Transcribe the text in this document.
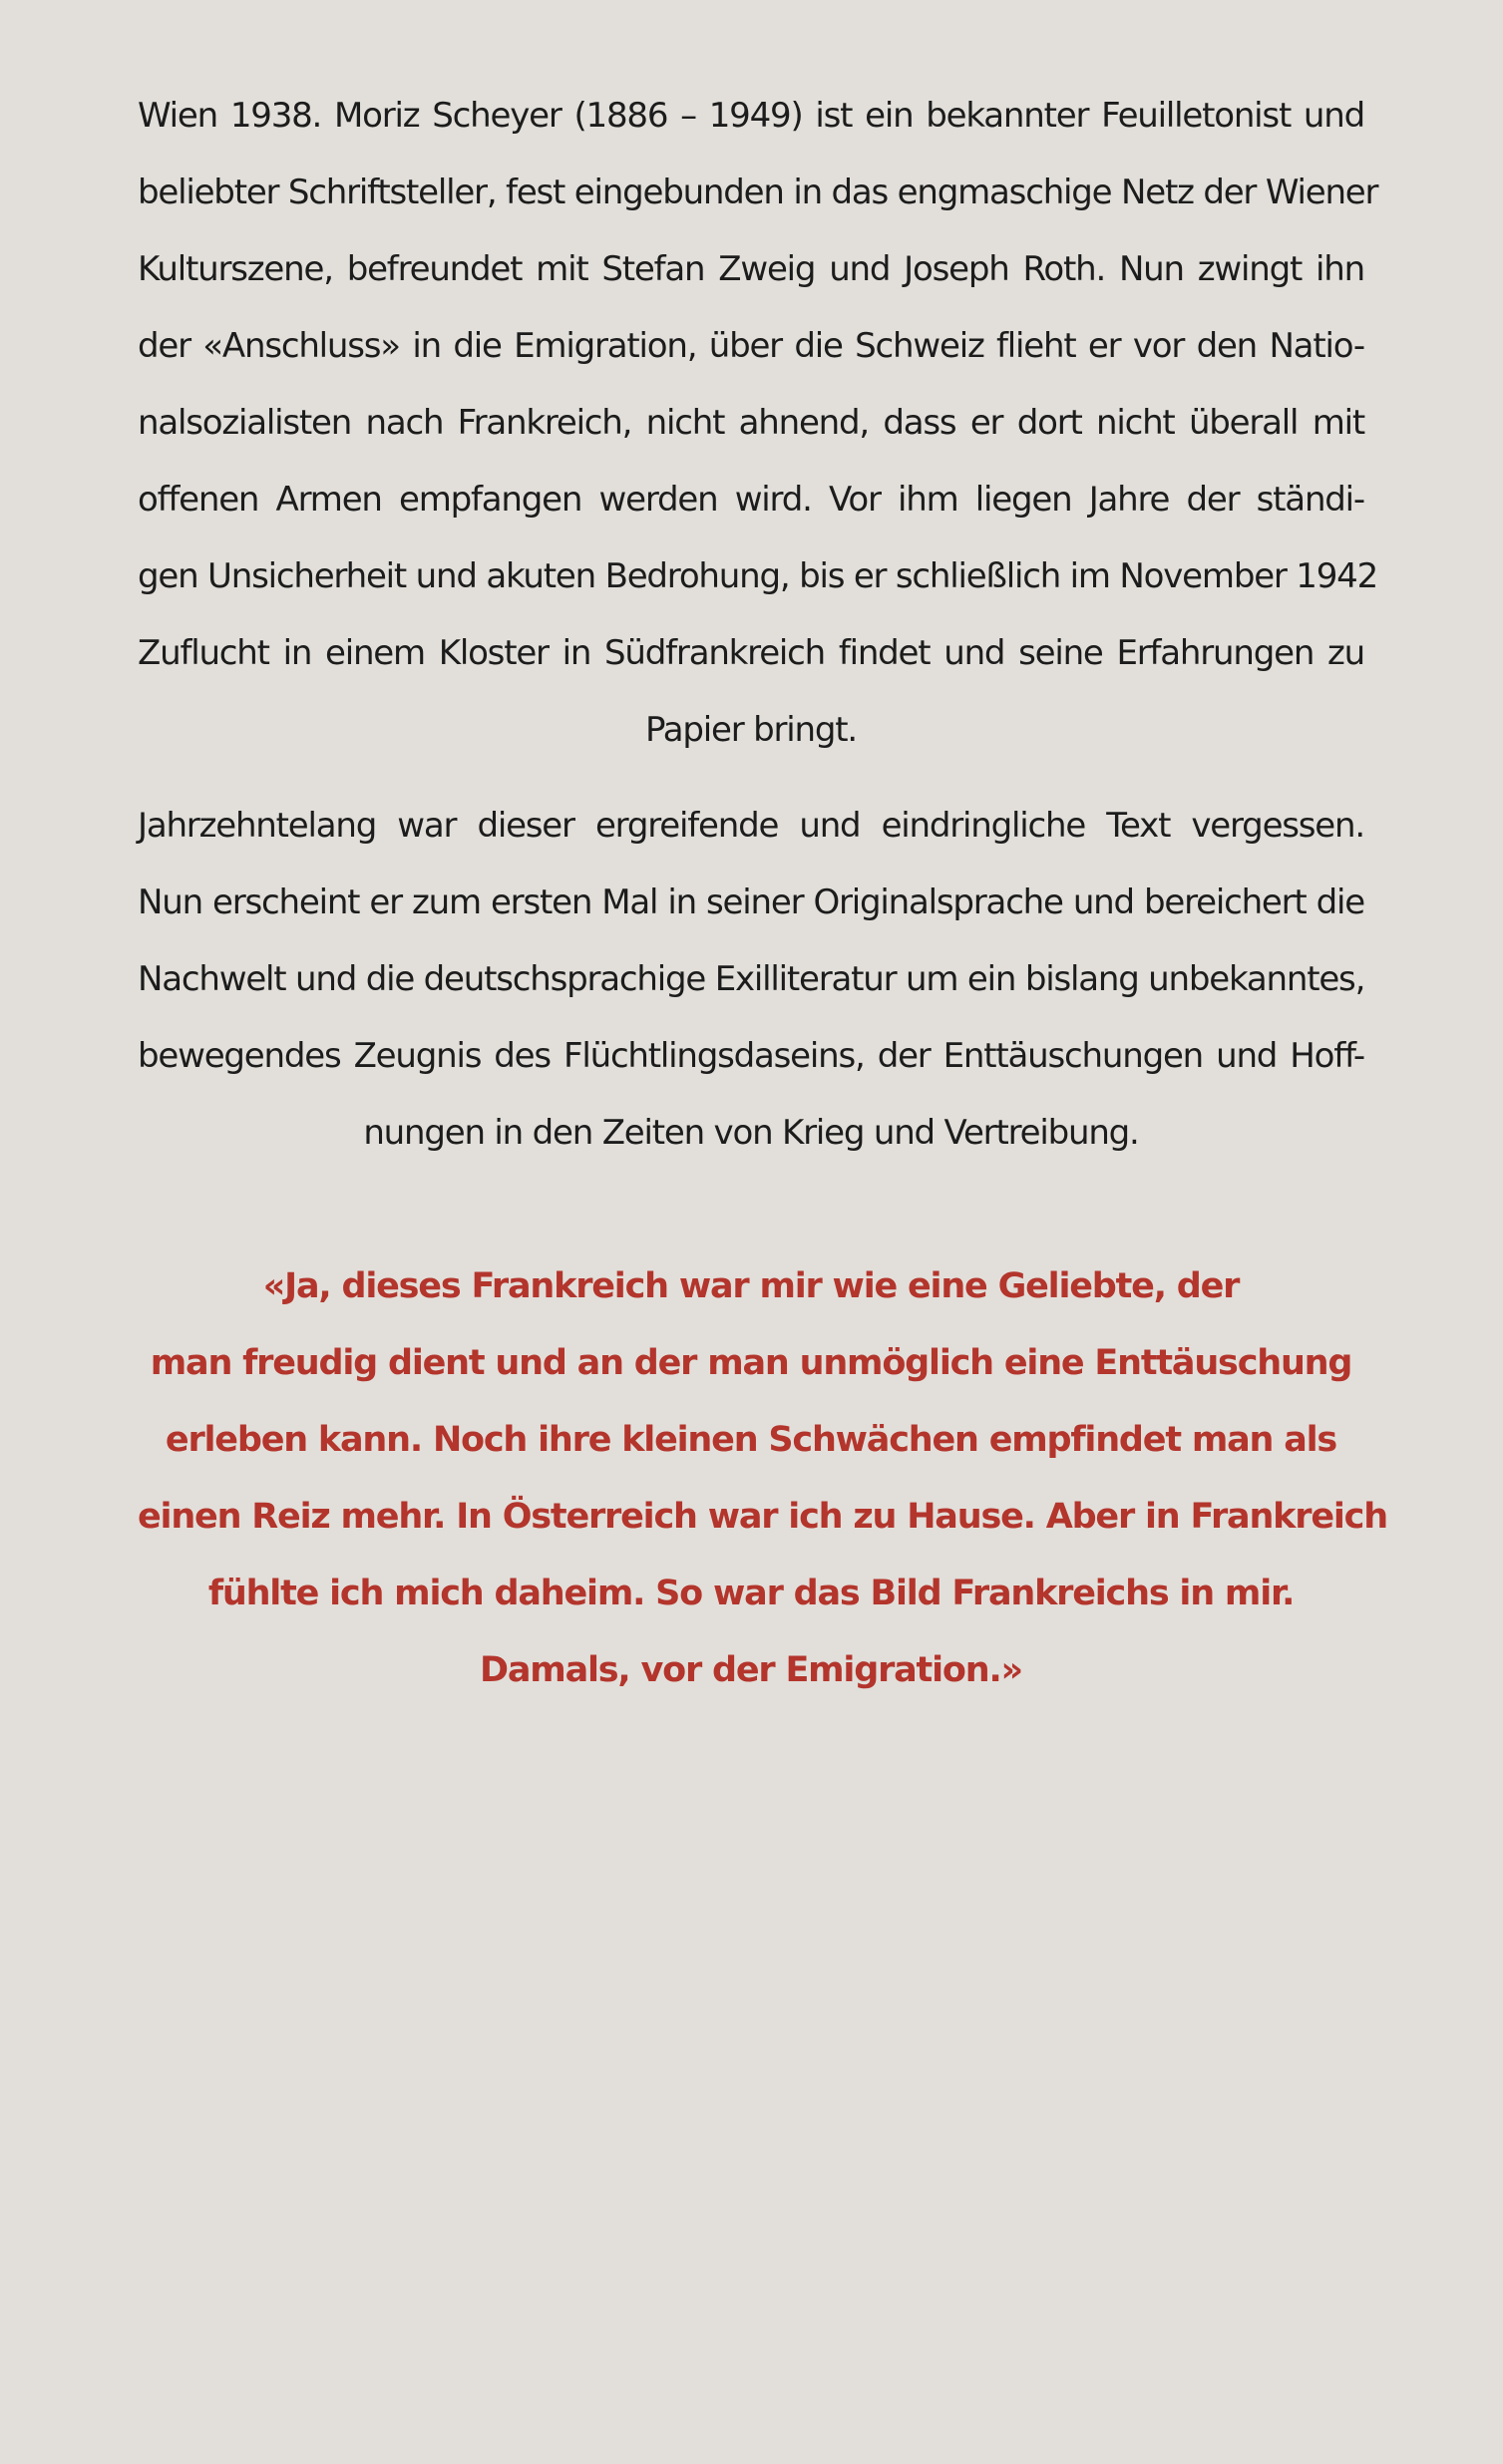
Wien 1938. Moriz Scheyer (1886 – 1949) ist ein bekannter Feuilletonist und
beliebter Schriftsteller, fest eingebunden in das engmaschige Netz der Wiener
Kulturszene, befreundet mit Stefan Zweig und Joseph Roth. Nun zwingt ihn
der «Anschluss» in die Emigration, über die Schweiz flieht er vor den Natio-
nalsozialisten nach Frankreich, nicht ahnend, dass er dort nicht überall mit
offenen Armen empfangen werden wird. Vor ihm liegen Jahre der ständi-
gen Unsicherheit und akuten Bedrohung, bis er schließlich im November 1942
Zuflucht in einem Kloster in Südfrankreich findet und seine Erfahrungen zu
Papier bringt.
Jahrzehntelang war dieser ergreifende und eindringliche Text vergessen.
Nun erscheint er zum ersten Mal in seiner Originalsprache und bereichert die
Nachwelt und die deutschsprachige Exilliteratur um ein bislang unbekanntes,
bewegendes Zeugnis des Flüchtlingsdaseins, der Enttäuschungen und Hoff-
nungen in den Zeiten von Krieg und Vertreibung.
«Ja, dieses Frankreich war mir wie eine Geliebte, der
man freudig dient und an der man unmöglich eine Enttäuschung
erleben kann. Noch ihre kleinen Schwächen empfindet man als
einen Reiz mehr. In Österreich war ich zu Hause. Aber in Frankreich
fühlte ich mich daheim. So war das Bild Frankreichs in mir.
Damals, vor der Emigration.»
